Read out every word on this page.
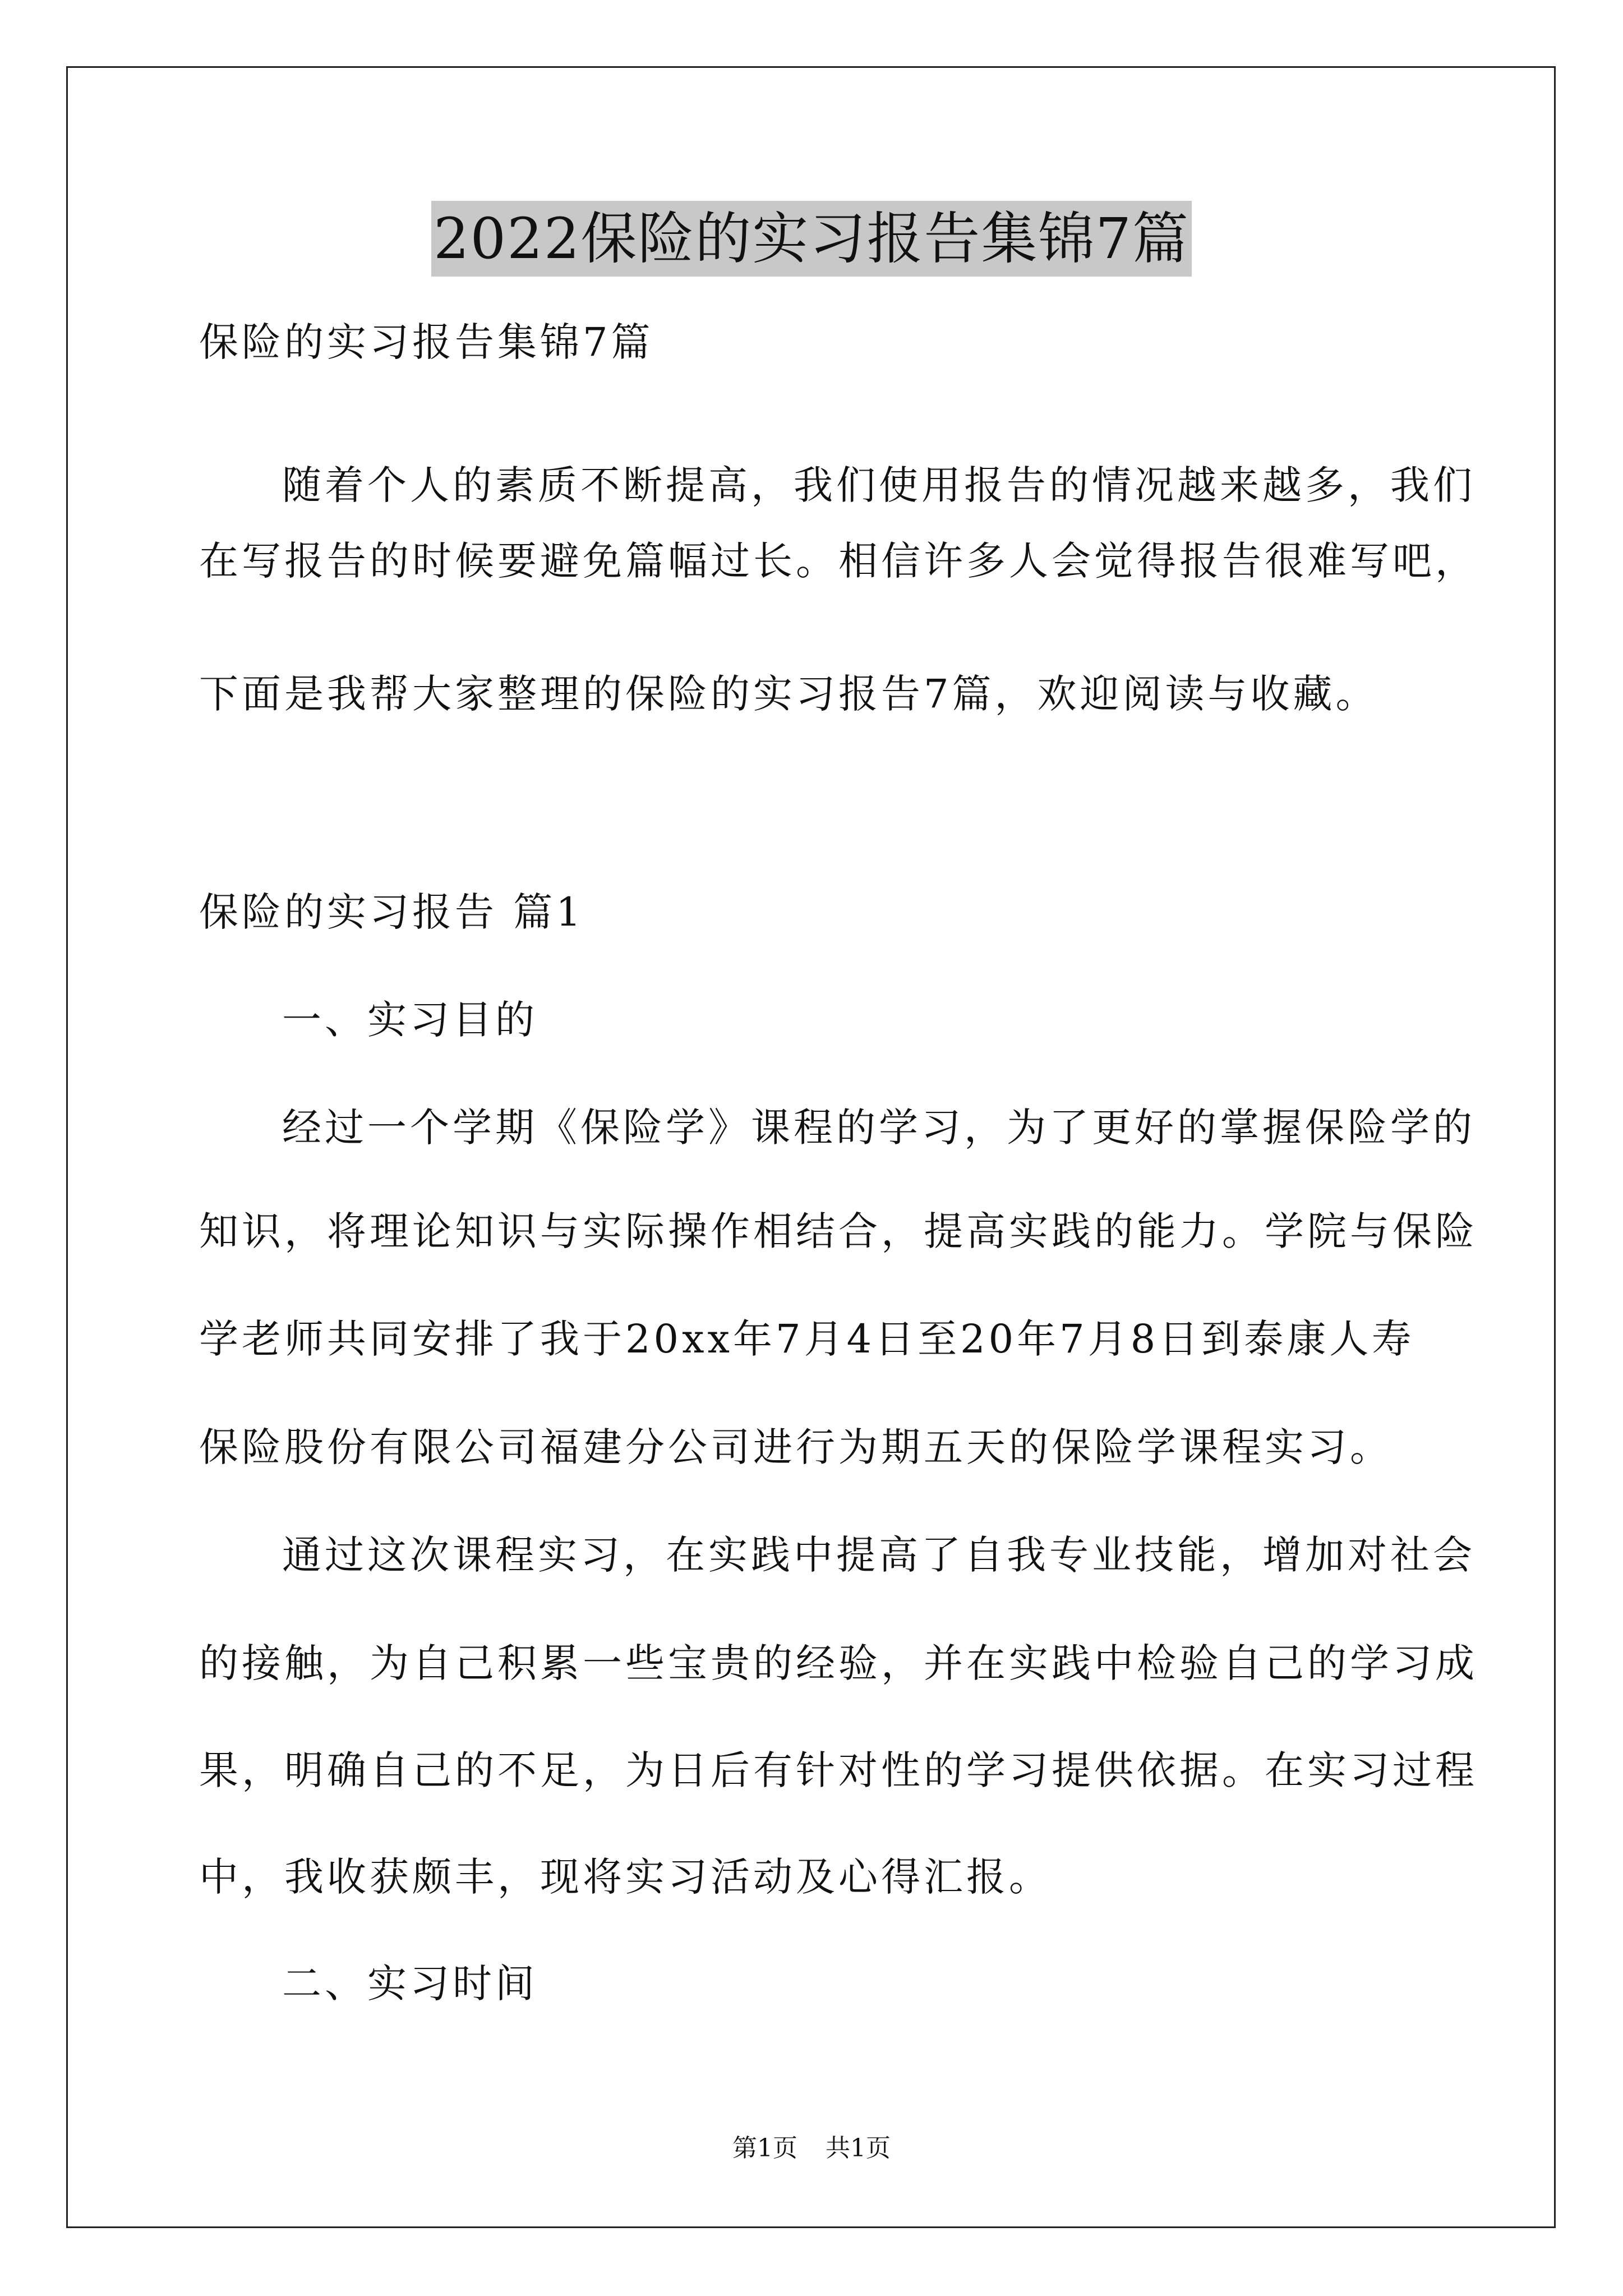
2022保险的实习报告集锦7篇
保险的实习报告集锦7篇
随着个人的素质不断提高，我们使用报告的情况越来越多，我们
在写报告的时候要避免篇幅过长。相信许多人会觉得报告很难写吧，
下面是我帮大家整理的保险的实习报告7篇，欢迎阅读与收藏。
保险的实习报告 篇1
一、实习目的
经过一个学期《保险学》课程的学习，为了更好的掌握保险学的
知识，将理论知识与实际操作相结合，提高实践的能力。学院与保险
学老师共同安排了我于20xx年7月4日至20年7月8日到泰康人寿
保险股份有限公司福建分公司进行为期五天的保险学课程实习。
通过这次课程实习，在实践中提高了自我专业技能，增加对社会
的接触，为自己积累一些宝贵的经验，并在实践中检验自己的学习成
果，明确自己的不足，为日后有针对性的学习提供依据。在实习过程
中，我收获颇丰，现将实习活动及心得汇报。
二、实习时间
第1页 共1页
